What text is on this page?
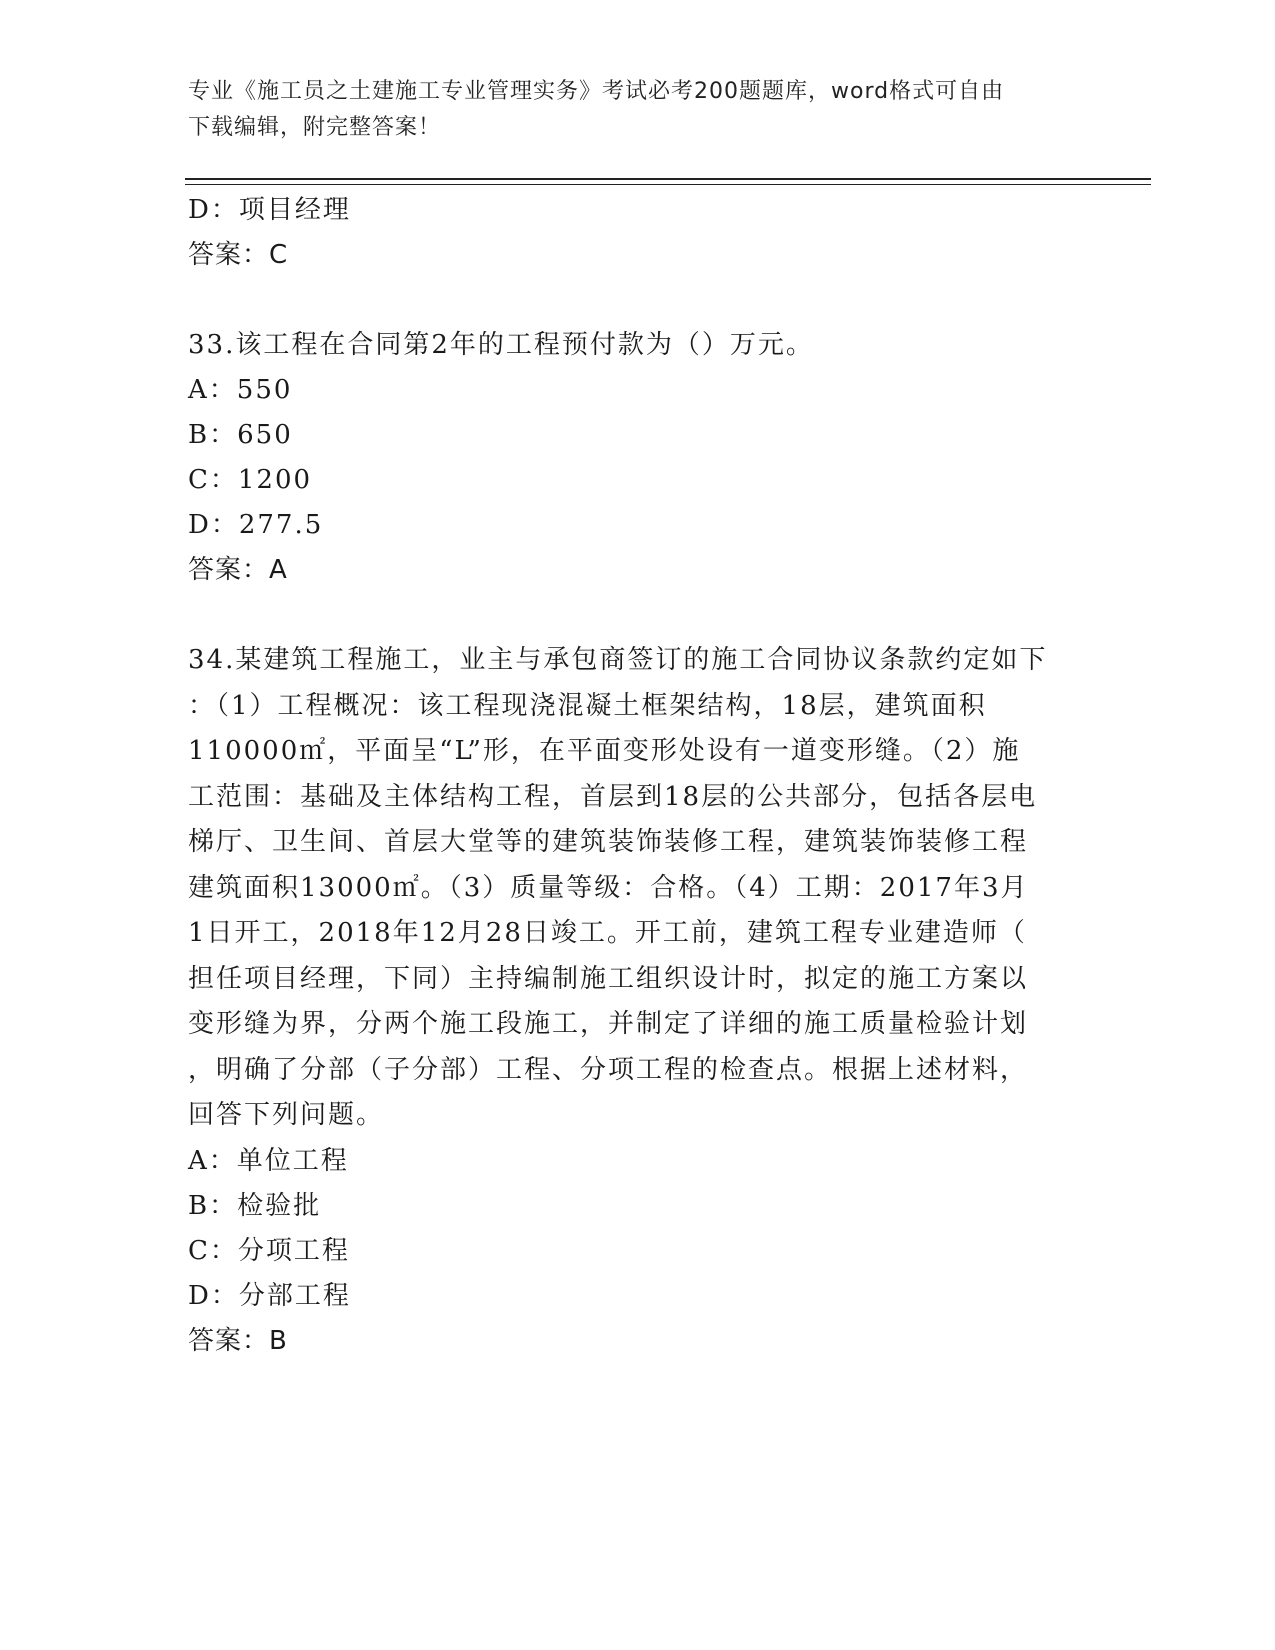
专业《施工员之土建施工专业管理实务》考试必考200题题库，word格式可自由
下载编辑，附完整答案！
D：项目经理
答案：C
33.该工程在合同第2年的工程预付款为（）万元。
A：550
B：650
C：1200
D：277.5
答案：A
34.某建筑工程施工，业主与承包商签订的施工合同协议条款约定如下
：（1）工程概况：该工程现浇混凝土框架结构，18层，建筑面积
110000㎡，平面呈“L”形，在平面变形处设有一道变形缝。（2）施
工范围：基础及主体结构工程，首层到18层的公共部分，包括各层电
梯厅、卫生间、首层大堂等的建筑装饰装修工程，建筑装饰装修工程
建筑面积13000㎡。（3）质量等级：合格。（4）工期：2017年3月
1日开工，2018年12月28日竣工。开工前，建筑工程专业建造师（
担任项目经理，下同）主持编制施工组织设计时，拟定的施工方案以
变形缝为界，分两个施工段施工，并制定了详细的施工质量检验计划
，明确了分部（子分部）工程、分项工程的检查点。根据上述材料，
回答下列问题。
A：单位工程
B：检验批
C：分项工程
D：分部工程
答案：B
